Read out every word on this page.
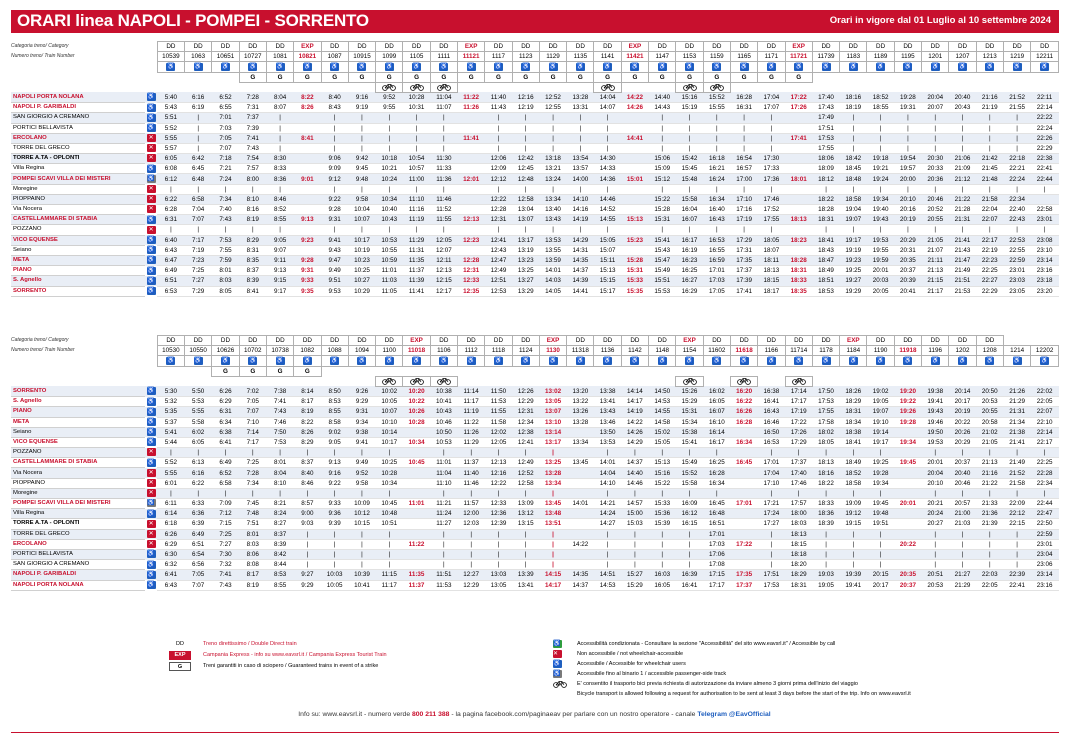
ORARI linea NAPOLI - POMPEI - SORRENTO	Orari in vigore dal 01 Luglio al 10 settembre 2024
Categoria treno/ Category		DD	DD	DD	DD	DD	EXP	DD	DD	DD	DD	DD	EXP	DD	DD	DD	DD	DD	EXP	DD	DD	DD	DD	DD	EXP	DD	DD	DD	DD	DD	DD	DD	DD	DD
Numero treno/ Train Number		10539	1063	10651	10727	1081	10821	1087	10915	1099	1105	1111	11121	1117	1123	1129	1135	1141	11421	1147	1153	1159	1165	1171	11721	11739	1183	1189	1195	1201	1207	1213	1219	12211
		♿	♿	♿	♿	♿	♿	♿	♿	♿	♿	♿	♿	♿	♿	♿	♿	♿	♿	♿	♿	♿	♿	♿	♿	♿	♿	♿	♿	♿	♿	♿	♿	♿
					G	G	G	G	G	G	G	G	G	G	G	G	G	G	G	G	G	G	G	G	G									

NAPOLI PORTA NOLANA	♿	5:40	6:16	6:52	7:28	8:04	8:22	8:40	9:16	9:52	10:28	11:04	11:22	11:40	12:16	12:52	13:28	14:04	14:22	14:40	15:16	15:52	16:28	17:04	17:22	17:40	18:16	18:52	19:28	20:04	20:40	21:16	21:52	22:11
NAPOLI P. GARIBALDI	♿	5:43	6:19	6:55	7:31	8:07	8:26	8:43	9:19	9:55	10:31	11:07	11:26	11:43	12:19	12:55	13:31	14:07	14:26	14:43	15:19	15:55	16:31	17:07	17:26	17:43	18:19	18:55	19:31	20:07	20:43	21:19	21:55	22:14
SAN GIORGIO A CREMANO	♿	5:51	|	7:01	7:37	|		|	|	|	|	|		|	|	|	|	|		|	|	|	|	|		17:49	|	|	|	|	|	|	|	22:22
PORTICI BELLAVISTA	♿	5:52	|	7:03	7:39	|		|	|	|	|	|		|	|	|	|	|		|	|	|	|	|		17:51	|	|	|	|	|	|	|	22:24
ERCOLANO	✕	5:55	|	7:05	7:41	|	8:41	|	|	|	|	|	11:41	|	|	|	|	|	14:41	|	|	|	|	|	17:41	17:53	|	|	|	|	|	|	|	22:26
TORRE DEL GRECO	✕	5:57	|	7:07	7:43	|		|	|	|	|	|		|	|	|	|	|		|	|	|	|	|		17:55	|	|	|	|	|	|	|	22:29
TORRE A.TA - OPLONTI	✕	6:05	6:42	7:18	7:54	8:30		9:06	9:42	10:18	10:54	11:30		12:06	12:42	13:18	13:54	14:30		15:06	15:42	16:18	16:54	17:30		18:06	18:42	19:18	19:54	20:30	21:06	21:42	22:18	22:38
Villa Regina	♿	6:08	6:45	7:21	7:57	8:33		9:09	9:45	10:21	10:57	11:33		12:09	12:45	13:21	13:57	14:33		15:09	15:45	16:21	16:57	17:33		18:09	18:45	19:21	19:57	20:33	21:09	21:45	22:21	22:41
POMPEI SCAVI VILLA DEI MISTERI	♿	6:12	6:48	7:24	8:00	8:36	9:01	9:12	9:48	10:24	11:00	11:36	12:01	12:12	12:48	13:24	14:00	14:36	15:01	15:12	15:48	16:24	17:00	17:36	18:01	18:12	18:48	19:24	20:00	20:36	21:12	21:48	22:24	22:44
Moregine	✕	|	|	|	|	|		|	|	|	|	|		|	|	|	|	|		|	|	|	|	|		|	|	|	|	|	|	|	|	|
PIOPPAINO	✕	6:22	6:58	7:34	8:10	8:46		9:22	9:58	10:34	11:10	11:46		12:22	12:58	13:34	14:10	14:46		15:22	15:58	16:34	17:10	17:46		18:22	18:58	19:34	20:10	20:46	21:22	21:58	22:34	
Via Nocera	✕	6:28	7:04	7:40	8:16	8:52		9:28	10:04	10:40	11:16	11:52		12:28	13:04	13:40	14:16	14:52		15:28	16:04	16:40	17:16	17:52		18:28	19:04	19:40	20:16	20:52	21:28	22:04	22:40	22:58
CASTELLAMMARE DI STABIA	♿	6:31	7:07	7:43	8:19	8:55	9:13	9:31	10:07	10:43	11:19	11:55	12:13	12:31	13:07	13:43	14:19	14:55	15:13	15:31	16:07	16:43	17:19	17:55	18:13	18:31	19:07	19:43	20:19	20:55	21:31	22:07	22:43	23:01
POZZANO	✕	|	|	|	|	|		|	|	|	|	|		|	|	|	|	|		|	|	|	|	|		|	|	|	|	|	|	|	|	|
VICO EQUENSE	♿	6:40	7:17	7:53	8:29	9:05	9:23	9:41	10:17	10:53	11:29	12:05	12:23	12:41	13:17	13:53	14:29	15:05	15:23	15:41	16:17	16:53	17:29	18:05	18:23	18:41	19:17	19:53	20:29	21:05	21:41	22:17	22:53	23:08
Seiano	♿	6:43	7:19	7:55	8:31	9:07		9:43	10:19	10:55	11:31	12:07		12:43	13:19	13:55	14:31	15:07		15:43	16:19	16:55	17:31	18:07		18:43	19:19	19:55	20:31	21:07	21:43	22:19	22:55	23:10
META	♿	6:47	7:23	7:59	8:35	9:11	9:28	9:47	10:23	10:59	11:35	12:11	12:28	12:47	13:23	13:59	14:35	15:11	15:28	15:47	16:23	16:59	17:35	18:11	18:28	18:47	19:23	19:59	20:35	21:11	21:47	22:23	22:59	23:14
PIANO	♿	6:49	7:25	8:01	8:37	9:13	9:31	9:49	10:25	11:01	11:37	12:13	12:31	12:49	13:25	14:01	14:37	15:13	15:31	15:49	16:25	17:01	17:37	18:13	18:31	18:49	19:25	20:01	20:37	21:13	21:49	22:25	23:01	23:16
S. Agnello	♿	6:51	7:27	8:03	8:39	9:15	9:33	9:51	10:27	11:03	11:39	12:15	12:33	12:51	13:27	14:03	14:39	15:15	15:33	15:51	16:27	17:03	17:39	18:15	18:33	18:51	19:27	20:03	20:39	21:15	21:51	22:27	23:03	23:18
SORRENTO	♿	6:53	7:29	8:05	8:41	9:17	9:35	9:53	10:29	11:05	11:41	12:17	12:35	12:53	13:29	14:05	14:41	15:17	15:35	15:53	16:29	17:05	17:41	18:17	18:35	18:53	19:29	20:05	20:41	21:17	21:53	22:29	23:05	23:20
Categoria treno/ Category		DD	DD	DD	DD	DD	DD	DD	DD	DD	EXP	DD	DD	DD	DD	EXP	DD	DD	DD	DD	EXP	DD	DD	DD	DD	DD	EXP	DD	DD	DD	DD	DD		
Numero treno/ Train Number		10530	10550	10626	10702	10738	1082	1088	1094	1100	11018	1106	1112	1118	1124	1130	11318	1136	1142	1148	1154	11602	11618	1166	11714	1178	1184	1190	11918	1196	1202	1208	1214	12202
		♿	♿	♿	♿	♿	♿	♿	♿	♿	♿	♿	♿	♿	♿	♿	♿	♿	♿	♿	♿	♿	♿	♿	♿	♿	♿	♿	♿	♿	♿	♿	♿	♿
				G	G	G	G																											

SORRENTO	♿	5:30	5:50	6:26	7:02	7:38	8:14	8:50	9:26	10:02	10:20	10:38	11:14	11:50	12:26	13:02	13:20	13:38	14:14	14:50	15:26	16:02	16:20	16:38	17:14	17:50	18:26	19:02	19:20	19:38	20:14	20:50	21:26	22:02
S. Agnello	♿	5:32	5:53	6:29	7:05	7:41	8:17	8:53	9:29	10:05	10:22	10:41	11:17	11:53	12:29	13:05	13:22	13:41	14:17	14:53	15:29	16:05	16:22	16:41	17:17	17:53	18:29	19:05	19:22	19:41	20:17	20:53	21:29	22:05
PIANO	♿	5:35	5:55	6:31	7:07	7:43	8:19	8:55	9:31	10:07	10:26	10:43	11:19	11:55	12:31	13:07	13:26	13:43	14:19	14:55	15:31	16:07	16:26	16:43	17:19	17:55	18:31	19:07	19:26	19:43	20:19	20:55	21:31	22:07
META	♿	5:37	5:58	6:34	7:10	7:46	8:22	8:58	9:34	10:10	10:28	10:46	11:22	11:58	12:34	13:10	13:28	13:46	14:22	14:58	15:34	16:10	16:28	16:46	17:22	17:58	18:34	19:10	19:28	19:46	20:22	20:58	21:34	22:10
Seiano	♿	5:41	6:02	6:38	7:14	7:50	8:26	9:02	9:38	10:14		10:50	11:26	12:02	12:38	13:14		13:50	14:26	15:02	15:38	16:14		16:50	17:26	18:02	18:38	19:14		19:50	20:26	21:02	21:38	22:14
VICO EQUENSE	♿	5:44	6:05	6:41	7:17	7:53	8:29	9:05	9:41	10:17	10:34	10:53	11:29	12:05	12:41	13:17	13:34	13:53	14:29	15:05	15:41	16:17	16:34	16:53	17:29	18:05	18:41	19:17	19:34	19:53	20:29	21:05	21:41	22:17
POZZANO	✕	|	|	|	|	|	|	|	|	|		|	|	|	|	|		|	|	|	|	|		|	|	|	|	|		|	|	|	|	|
CASTELLAMMARE DI STABIA	♿	5:52	6:13	6:49	7:25	8:01	8:37	9:13	9:49	10:25	10:45	11:01	11:37	12:13	12:49	13:25	13:45	14:01	14:37	15:13	15:49	16:25	16:45	17:01	17:37	18:13	18:49	19:25	19:45	20:01	20:37	21:13	21:49	22:25
Via Nocera	✕	5:55	6:16	6:52	7:28	8:04	8:40	9:16	9:52	10:28		11:04	11:40	12:16	12:52	13:28		14:04	14:40	15:16	15:52	16:28		17:04	17:40	18:16	18:52	19:28		20:04	20:40	21:16	21:52	22:28
PIOPPAINO	✕	6:01	6:22	6:58	7:34	8:10	8:46	9:22	9:58	10:34		11:10	11:46	12:22	12:58	13:34		14:10	14:46	15:22	15:58	16:34		17:10	17:46	18:22	18:58	19:34		20:10	20:46	21:22	21:58	22:34
Moregine	✕	|	|	|	|	|	|	|	|	|		|	|	|	|	|		|	|	|	|	|		|	|	|	|	|		|	|	|	|	|
POMPEI SCAVI VILLA DEI MISTERI	♿	6:11	6:33	7:09	7:45	8:21	8:57	9:33	10:09	10:45	11:01	11:21	11:57	12:33	13:09	13:45	14:01	14:21	14:57	15:33	16:09	16:45	17:01	17:21	17:57	18:33	19:09	19:45	20:01	20:21	20:57	21:33	22:09	22:44
Villa Regina	♿	6:14	6:36	7:12	7:48	8:24	9:00	9:36	10:12	10:48		11:24	12:00	12:36	13:12	13:48		14:24	15:00	15:36	16:12	16:48		17:24	18:00	18:36	19:12	19:48		20:24	21:00	21:36	22:12	22:47
TORRE A.TA - OPLONTI	✕	6:18	6:39	7:15	7:51	8:27	9:03	9:39	10:15	10:51		11:27	12:03	12:39	13:15	13:51		14:27	15:03	15:39	16:15	16:51		17:27	18:03	18:39	19:15	19:51		20:27	21:03	21:39	22:15	22:50
TORRE DEL GRECO	✕	6:26	6:49	7:25	8:01	8:37	|	|	|	|		|	|	|	|	|		|	|	|	|	17:01		|	18:13	|	|	|		|	|	|	|	22:59
ERCOLANO	✕	6:29	6:51	7:27	8:03	8:39	|	|	|	|	11:22	|	|	|	|	|	14:22	|	|	|	|	17:03	17:22	|	18:15	|	|	|	20:22	|	|	|	|	23:01
PORTICI BELLAVISTA	♿	6:30	6:54	7:30	8:06	8:42	|	|	|	|		|	|	|	|	|		|	|	|	|	17:06		|	18:18	|	|	|		|	|	|	|	23:04
SAN GIORGIO A CREMANO	♿	6:32	6:56	7:32	8:08	8:44	|	|	|	|		|	|	|	|	|		|	|	|	|	17:08		|	18:20	|	|	|		|	|	|	|	23:06
NAPOLI P. GARIBALDI	♿	6:41	7:05	7:41	8:17	8:53	9:27	10:03	10:39	11:15	11:35	11:51	12:27	13:03	13:39	14:15	14:35	14:51	15:27	16:03	16:39	17:15	17:35	17:51	18:29	19:03	19:39	20:15	20:35	20:51	21:27	22:03	22:39	23:14
NAPOLI PORTA NOLANA	♿	6:43	7:07	7:43	8:19	8:55	9:29	10:05	10:41	11:17	11:37	11:53	12:29	13:05	13:41	14:17	14:37	14:53	15:29	16:05	16:41	17:17	17:37	17:53	18:31	19:05	19:41	20:17	20:37	20:53	21:29	22:05	22:41	23:16
DD	Treno direttissimo / Double Direct train
EXP	Campania Express - info su www.eavsrl.it / Campania Express Tourist Train
G	Treni garantiti in caso di sciopero / Guaranteed trains in event of a strike
♿	Accessibilità condizionata - Consultare la sezione "Accessibilità" del sito www.eavsrl.it" / Accessible by call
✕	Non accessibile / not wheelchair-accessible
♿	Accessibile / Accessible for wheelchair users
♿	Accessibile fino al binario 1 / accessible passenger-side track
E' consentito il trasporto bici previa richiesta di autorizzazione da inviare almeno 3 giorni prima dell'inizio del viaggio
Bicycle transport is allowed following a request for authorisation to be sent at least 3 days before the start of the trip. Info on www.eavsrl.it
Info su: www.eavsrl.it - numero verde 800 211 388 - la pagina facebook.com/paginaeav per parlare con un nostro operatore - canale Telegram @EavOfficial
